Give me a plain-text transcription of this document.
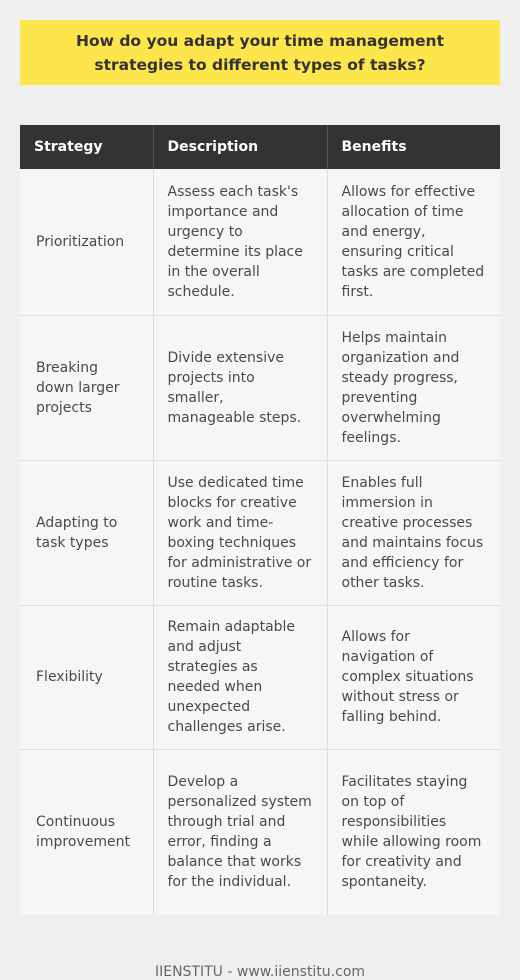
How do you adapt your time management strategies to different types of tasks?
Strategy	Description	Benefits
Prioritization	Assess each task's importance and urgency to determine its place in the overall schedule.	Allows for effective allocation of time and energy, ensuring critical tasks are completed first.
Breaking down larger projects	Divide extensive projects into smaller, manageable steps.	Helps maintain organization and steady progress, preventing overwhelming feelings.
Adapting to task types	Use dedicated time blocks for creative work and time-boxing techniques for administrative or routine tasks.	Enables full immersion in creative processes and maintains focus and efficiency for other tasks.
Flexibility	Remain adaptable and adjust strategies as needed when unexpected challenges arise.	Allows for navigation of complex situations without stress or falling behind.
Continuous improvement	Develop a personalized system through trial and error, finding a balance that works for the individual.	Facilitates staying on top of responsibilities while allowing room for creativity and spontaneity.
IIENSTITU - www.iienstitu.com
